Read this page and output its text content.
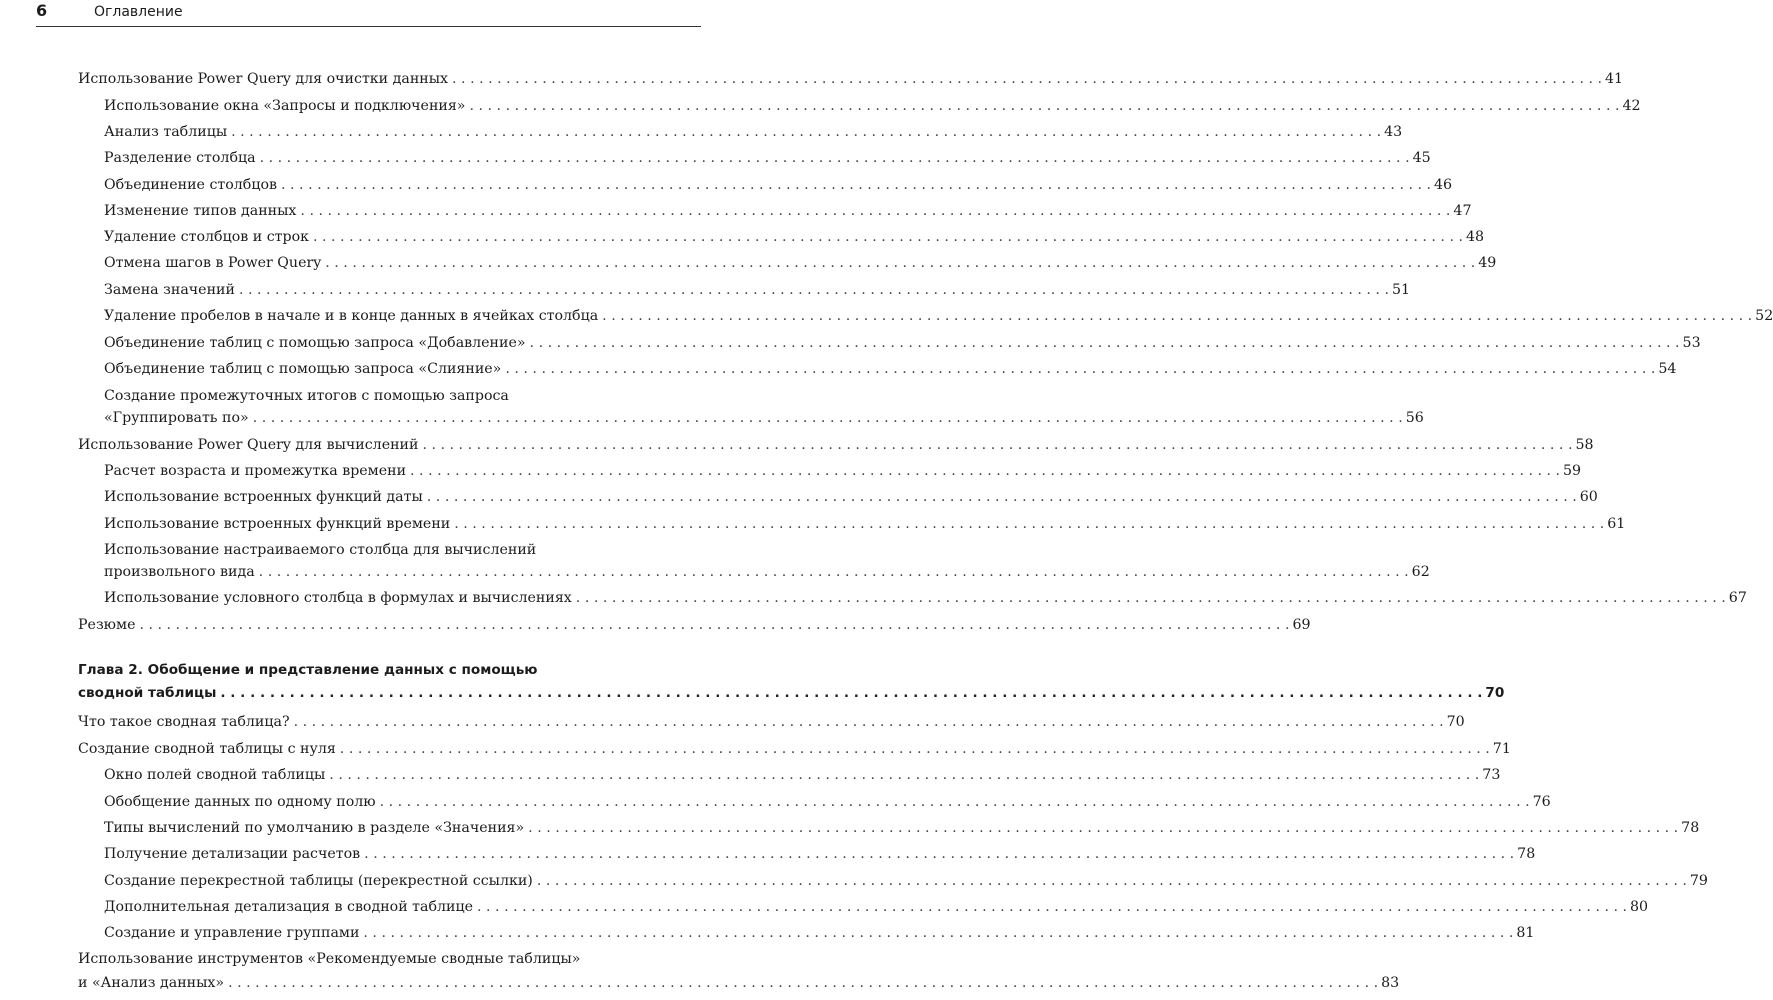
6	Оглавление
Использование Power Query для очистки данных . . .	41
Использование окна «Запросы и подключения» . . .	42
Анализ таблицы . . .	43
Разделение столбца . . .	45
Объединение столбцов . . .	46
Изменение типов данных . . .	47
Удаление столбцов и строк . . .	48
Отмена шагов в Power Query . . .	49
Замена значений . . .	51
Удаление пробелов в начале и в конце данных в ячейках столбца . . .	52
Объединение таблиц с помощью запроса «Добавление» . . .	53
Объединение таблиц с помощью запроса «Слияние» . . .	54
Создание промежуточных итогов с помощью запроса
«Группировать по» . . .	56
Использование Power Query для вычислений . . .	58
Расчет возраста и промежутка времени . . .	59
Использование встроенных функций даты . . .	60
Использование встроенных функций времени . . .	61
Использование настраиваемого столбца для вычислений
произвольного вида . . .	62
Использование условного столбца в формулах и вычислениях . . .	67
Резюме . . .	69
Глава 2. Обобщение и представление данных с помощью
сводной таблицы . . .	70
Что такое сводная таблица? . . .	70
Создание сводной таблицы с нуля . . .	71
Окно полей сводной таблицы . . .	73
Обобщение данных по одному полю . . .	76
Типы вычислений по умолчанию в разделе «Значения» . . .	78
Получение детализации расчетов . . .	78
Создание перекрестной таблицы (перекрестной ссылки) . . .	79
Дополнительная детализация в сводной таблице . . .	80
Создание и управление группами . . .	81
Использование инструментов «Рекомендуемые сводные таблицы»
и «Анализ данных» . . .	83
